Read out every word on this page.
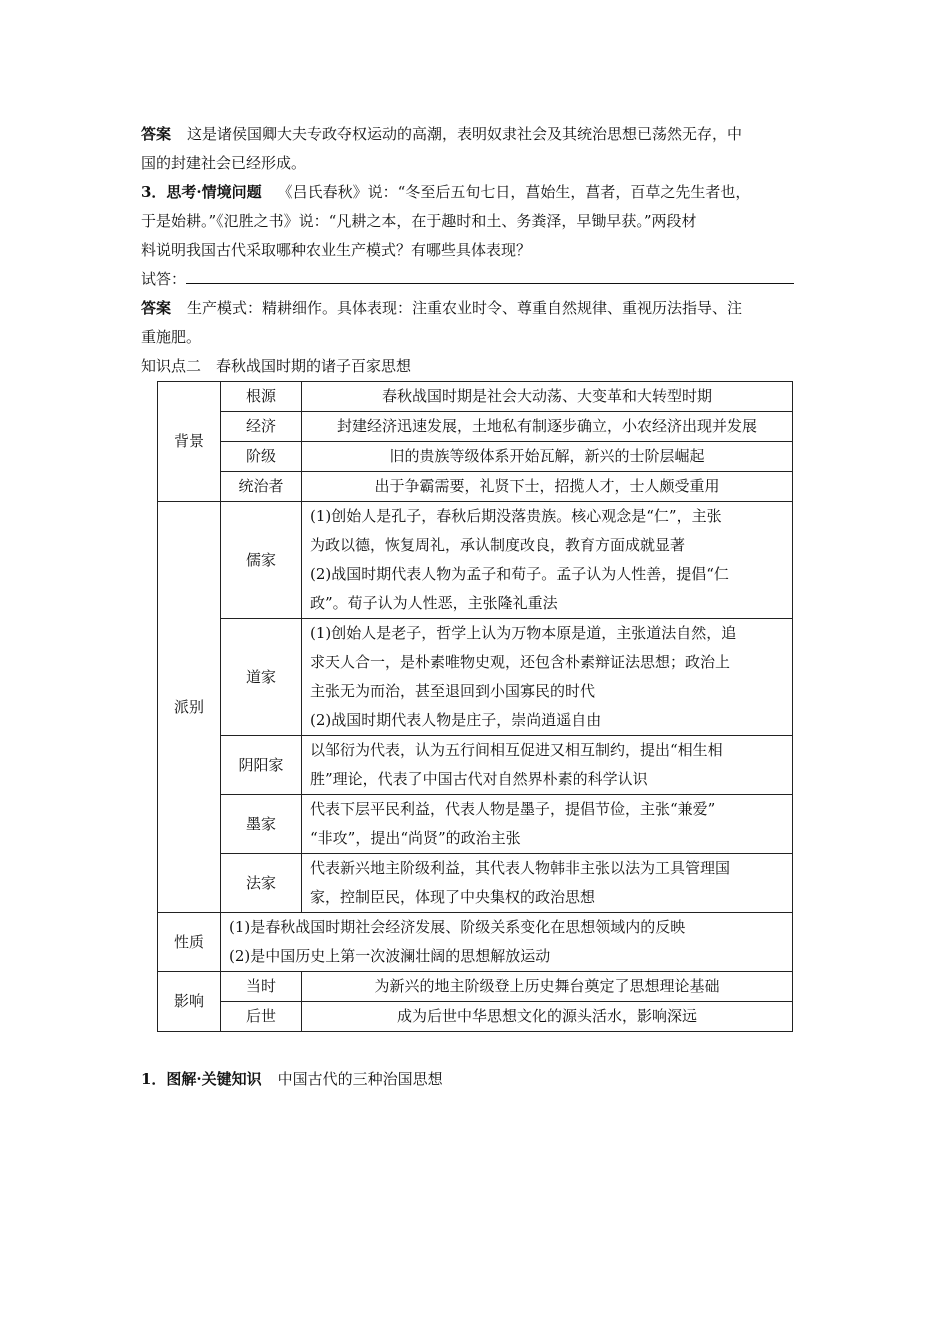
答案 这是诸侯国卿大夫专政夺权运动的高潮，表明奴隶社会及其统治思想已荡然无存，中
国的封建社会已经形成。

3．思考·情境问题 《吕氏春秋》说：“冬至后五旬七日，菖始生，菖者，百草之先生者也，
于是始耕。”《氾胜之书》说：“凡耕之本，在于趣时和土、务粪泽，早锄早获。”两段材
料说明我国古代采取哪种农业生产模式？有哪些具体表现？
试答：

答案 生产模式：精耕细作。具体表现：注重农业时令、尊重自然规律、重视历法指导、注
重施肥。

知识点二　春秋战国时期的诸子百家思想

背景	根源	春秋战国时期是社会大动荡、大变革和大转型时期
	经济	封建经济迅速发展，土地私有制逐步确立，小农经济出现并发展
	阶级	旧的贵族等级体系开始瓦解，新兴的士阶层崛起
	统治者	出于争霸需要，礼贤下士，招揽人才，士人颇受重用
派别	儒家	(1)创始人是孔子，春秋后期没落贵族。核心观念是“仁”，主张
为政以德，恢复周礼，承认制度改良，教育方面成就显著
(2)战国时期代表人物为孟子和荀子。孟子认为人性善，提倡“仁
政”。荀子认为人性恶，主张隆礼重法
	道家	(1)创始人是老子，哲学上认为万物本原是道，主张道法自然，追
求天人合一，是朴素唯物史观，还包含朴素辩证法思想；政治上
主张无为而治，甚至退回到小国寡民的时代
(2)战国时期代表人物是庄子，崇尚逍遥自由
	阴阳家	以邹衍为代表，认为五行间相互促进又相互制约，提出“相生相
胜”理论，代表了中国古代对自然界朴素的科学认识
	墨家	代表下层平民利益，代表人物是墨子，提倡节俭，主张“兼爱”
“非攻”，提出“尚贤”的政治主张
	法家	代表新兴地主阶级利益，其代表人物韩非主张以法为工具管理国
家，控制臣民，体现了中央集权的政治思想
性质	(1)是春秋战国时期社会经济发展、阶级关系变化在思想领域内的反映
(2)是中国历史上第一次波澜壮阔的思想解放运动	
影响	当时	为新兴的地主阶级登上历史舞台奠定了思想理论基础
	后世	成为后世中华思想文化的源头活水，影响深远

1．图解·关键知识 中国古代的三种治国思想
